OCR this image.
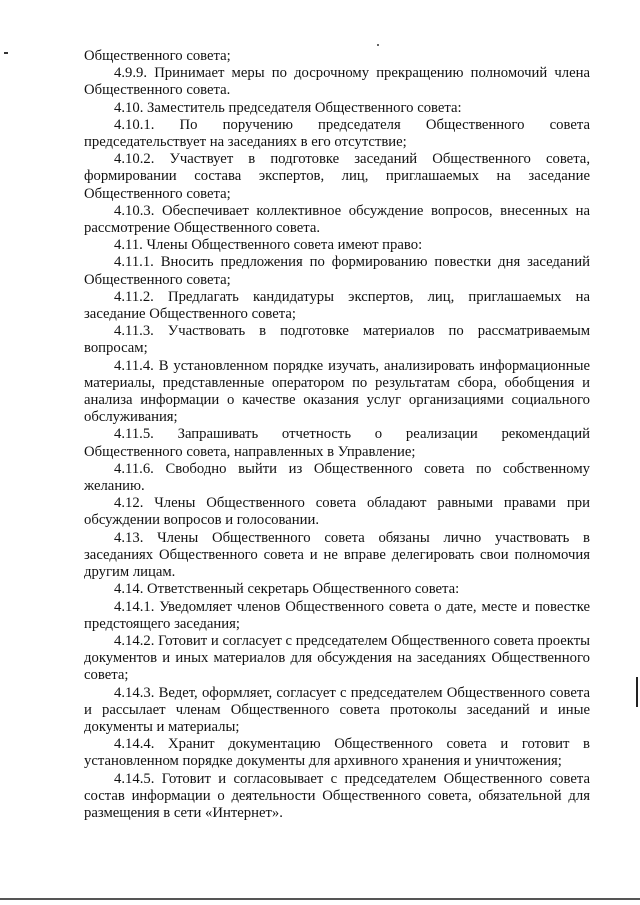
Общественного совета;

4.9.9. Принимает меры по досрочному прекращению полномочий члена Общественного совета.

4.10. Заместитель председателя Общественного совета:

4.10.1. По поручению председателя Общественного совета председательствует на заседаниях в его отсутствие;

4.10.2. Участвует в подготовке заседаний Общественного совета, формировании состава экспертов, лиц, приглашаемых на заседание Общественного совета;

4.10.3. Обеспечивает коллективное обсуждение вопросов, внесенных на рассмотрение Общественного совета.

4.11. Члены Общественного совета имеют право:

4.11.1. Вносить предложения по формированию повестки дня заседаний Общественного совета;

4.11.2. Предлагать кандидатуры экспертов, лиц, приглашаемых на заседание Общественного совета;

4.11.3. Участвовать в подготовке материалов по рассматриваемым вопросам;

4.11.4. В установленном порядке изучать, анализировать информационные материалы, представленные оператором по результатам сбора, обобщения и анализа информации о качестве оказания услуг организациями социального обслуживания;

4.11.5. Запрашивать отчетность о реализации рекомендаций Общественного совета, направленных в Управление;

4.11.6. Свободно выйти из Общественного совета по собственному желанию.

4.12. Члены Общественного совета обладают равными правами при обсуждении вопросов и голосовании.

4.13. Члены Общественного совета обязаны лично участвовать в заседаниях Общественного совета и не вправе делегировать свои полномочия другим лицам.

4.14. Ответственный секретарь Общественного совета:

4.14.1. Уведомляет членов Общественного совета о дате, месте и повестке предстоящего заседания;

4.14.2. Готовит и согласует с председателем Общественного совета проекты документов и иных материалов для обсуждения на заседаниях Общественного совета;

4.14.3. Ведет, оформляет, согласует с председателем Общественного совета и рассылает членам Общественного совета протоколы заседаний и иные документы и материалы;

4.14.4. Хранит документацию Общественного совета и готовит в установленном порядке документы для архивного хранения и уничтожения;

4.14.5. Готовит и согласовывает с председателем Общественного совета состав информации о деятельности Общественного совета, обязательной для размещения в сети «Интернет».
